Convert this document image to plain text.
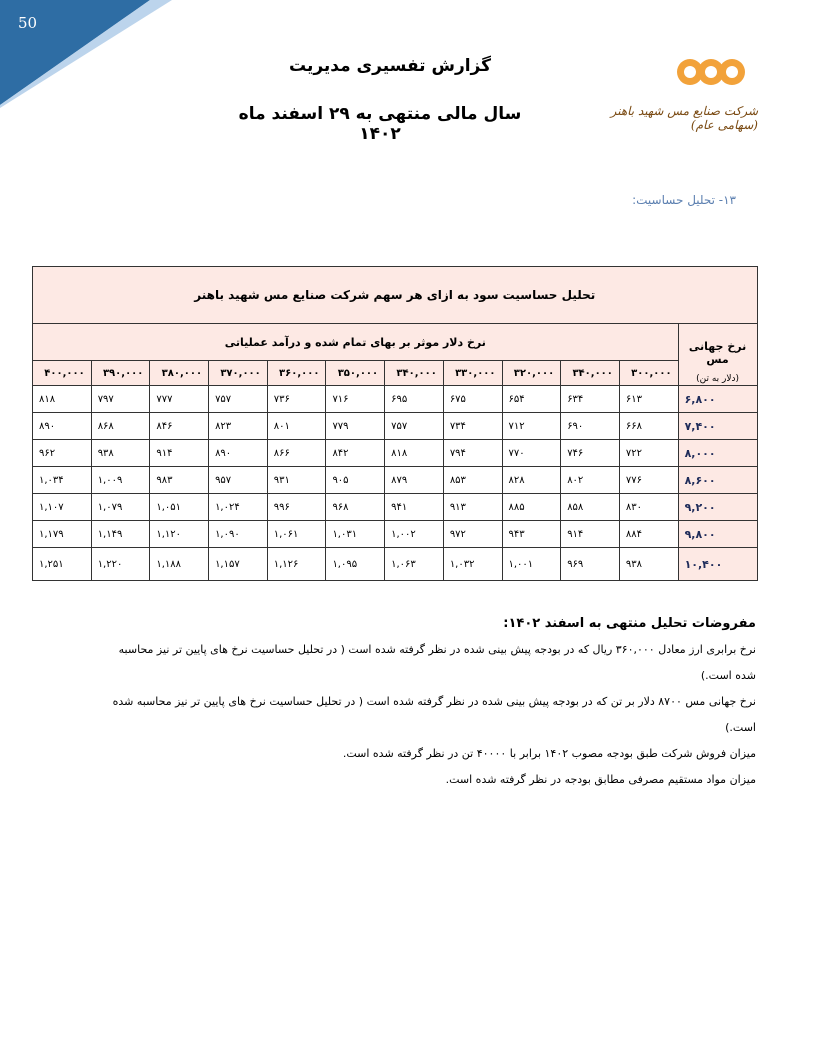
50
شرکت صنایع مس شهید باهنر (سهامی عام)
گزارش تفسیری مدیریت
سال مالی منتهی به ۲۹ اسفند ماه ۱۴۰۲
۱۳- تحلیل حساسیت:
تحلیل حساسیت سود به ازای هر سهم شرکت صنایع مس شهید باهنر											
نرخ جهانی مس
(دلار به تن)	نرخ دلار موثر بر بهای تمام شده و درآمد عملیاتی										
	۳۰۰,۰۰۰	۳۴۰,۰۰۰	۳۲۰,۰۰۰	۳۳۰,۰۰۰	۳۴۰,۰۰۰	۳۵۰,۰۰۰	۳۶۰,۰۰۰	۳۷۰,۰۰۰	۳۸۰,۰۰۰	۳۹۰,۰۰۰	۴۰۰,۰۰۰
۶,۸۰۰	۶۱۳	۶۳۴	۶۵۴	۶۷۵	۶۹۵	۷۱۶	۷۳۶	۷۵۷	۷۷۷	۷۹۷	۸۱۸
۷,۴۰۰	۶۶۸	۶۹۰	۷۱۲	۷۳۴	۷۵۷	۷۷۹	۸۰۱	۸۲۳	۸۴۶	۸۶۸	۸۹۰
۸,۰۰۰	۷۲۲	۷۴۶	۷۷۰	۷۹۴	۸۱۸	۸۴۲	۸۶۶	۸۹۰	۹۱۴	۹۳۸	۹۶۲
۸,۶۰۰	۷۷۶	۸۰۲	۸۲۸	۸۵۳	۸۷۹	۹۰۵	۹۳۱	۹۵۷	۹۸۳	۱,۰۰۹	۱,۰۳۴
۹,۲۰۰	۸۳۰	۸۵۸	۸۸۵	۹۱۳	۹۴۱	۹۶۸	۹۹۶	۱,۰۲۴	۱,۰۵۱	۱,۰۷۹	۱,۱۰۷
۹,۸۰۰	۸۸۴	۹۱۴	۹۴۳	۹۷۲	۱,۰۰۲	۱,۰۳۱	۱,۰۶۱	۱,۰۹۰	۱,۱۲۰	۱,۱۴۹	۱,۱۷۹
۱۰,۴۰۰	۹۳۸	۹۶۹	۱,۰۰۱	۱,۰۳۲	۱,۰۶۳	۱,۰۹۵	۱,۱۲۶	۱,۱۵۷	۱,۱۸۸	۱,۲۲۰	۱,۲۵۱
مفروضات تحلیل منتهی به اسفند ۱۴۰۲:
نرخ برابری ارز معادل ۳۶۰,۰۰۰ ریال که در بودجه پیش بینی شده در نظر گرفته شده است ( در تحلیل حساسیت نرخ های پایین تر نیز محاسبه شده است.)
نرخ جهانی مس ۸۷۰۰ دلار بر تن که در بودجه پیش بینی شده در نظر گرفته شده است ( در تحلیل حساسیت نرخ های پایین تر نیز محاسبه شده است.)
میزان فروش شرکت طبق بودجه مصوب ۱۴۰۲ برابر با ۴۰۰۰۰ تن در نظر گرفته شده است.
میزان مواد مستقیم مصرفی مطابق بودجه در نظر گرفته شده است.
